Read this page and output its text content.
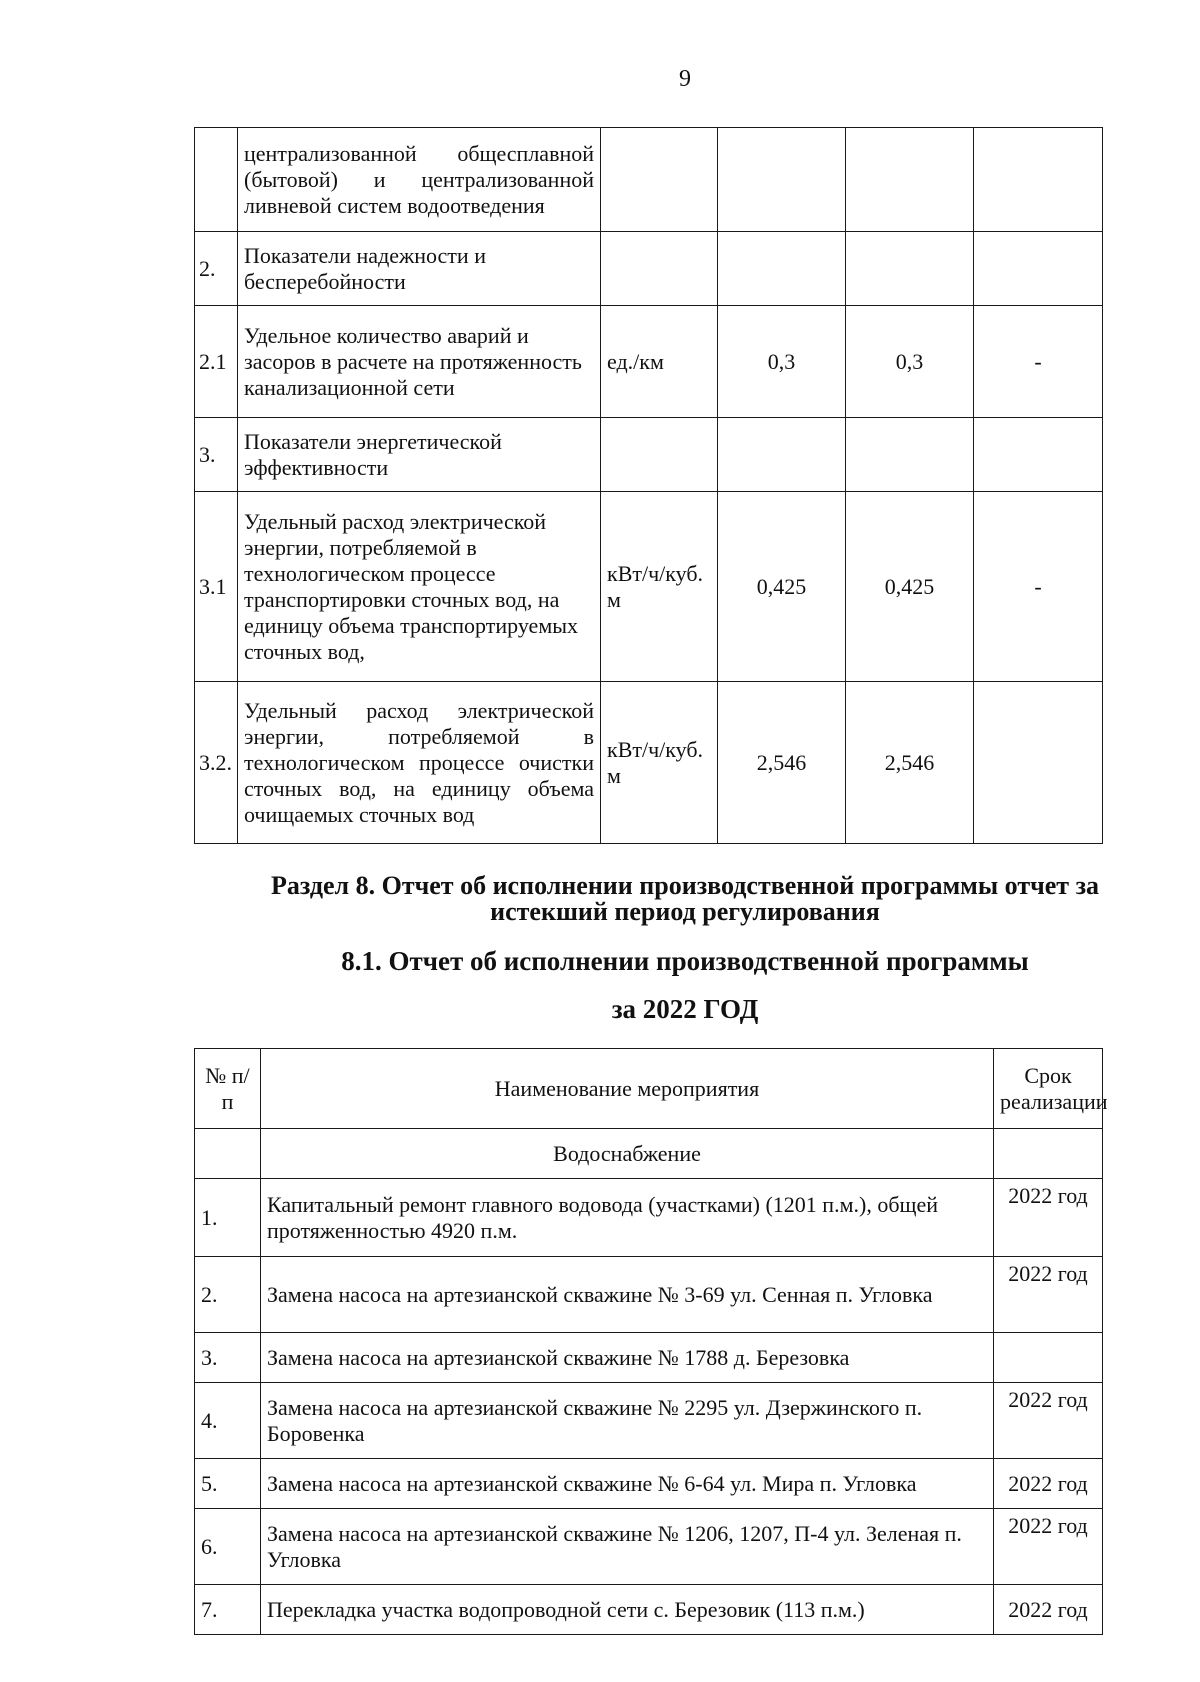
9

	централизованной общесплавной
(бытовой) и централизованной
ливневой систем водоотведения				

2.	Показатели надежности и бесперебойности				
2.1	Удельное количество аварий и засоров в расчете на протяженность канализационной сети	ед./км	0,3	0,3	-
3.	Показатели энергетической эффективности				
3.1	Удельный расход электрической энергии, потребляемой в технологическом процессе транспортировки сточных вод, на единицу объема транспортируемых сточных вод,	кВт/ч/куб. м	0,425	0,425	-
3.2.	Удельный расход электрической
энергии, потребляемой в
технологическом процессе очистки
сточных вод, на единицу объема
очищаемых сточных вод	кВт/ч/куб. м	2,546	2,546	
Раздел 8. Отчет об исполнении производственной программы отчет за
истекший период регулирования
8.1. Отчет об исполнении производственной программы
за 2022 ГОД
№ п/п	Наименование мероприятия	Срок реализации
	Водоснабжение	
1.	Капитальный ремонт главного водовода (участками) (1201 п.м.), общей протяженностью 4920 п.м.	2022 год
2.	Замена насоса на артезианской скважине № 3-69 ул. Сенная п. Угловка	2022 год
3.	Замена насоса на артезианской скважине № 1788 д. Березовка	
4.	Замена насоса на артезианской скважине № 2295 ул. Дзержинского п. Боровенка	2022 год
5.	Замена насоса на артезианской скважине № 6-64 ул. Мира п. Угловка	2022 год
6.	Замена насоса на артезианской скважине № 1206, 1207, П-4 ул. Зеленая п. Угловка	2022 год
7.	Перекладка участка водопроводной сети с. Березовик (113 п.м.)	2022 год
